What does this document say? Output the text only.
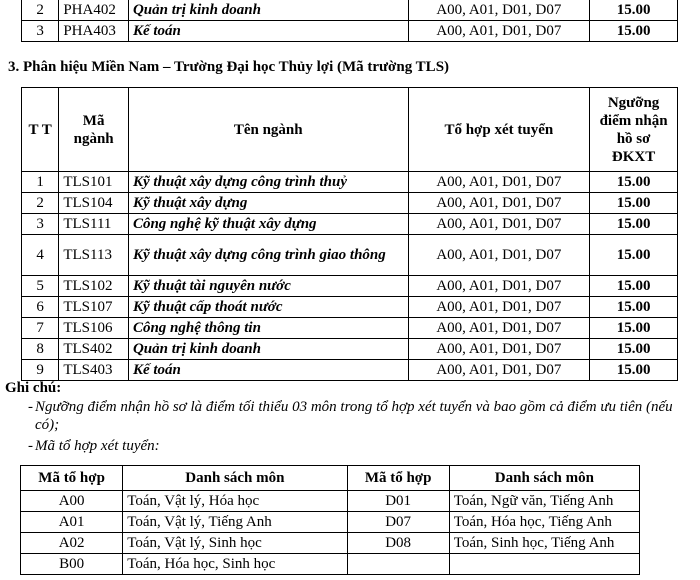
2	PHA402	Quản trị kinh doanh	A00, A01, D01, D07	15.00
3	PHA403	Kế toán	A00, A01, D01, D07	15.00
3. Phân hiệu Miền Nam – Trường Đại học Thủy lợi (Mã trường TLS)
T T	Mã ngành	Tên ngành	Tổ hợp xét tuyển	Ngưỡng điểm nhận hồ sơ ĐKXT
1	TLS101	Kỹ thuật xây dựng công trình thuỷ	A00, A01, D01, D07	15.00
2	TLS104	Kỹ thuật xây dựng	A00, A01, D01, D07	15.00
3	TLS111	Công nghệ kỹ thuật xây dựng	A00, A01, D01, D07	15.00
4	TLS113	Kỹ thuật xây dựng công trình giao thông	A00, A01, D01, D07	15.00
5	TLS102	Kỹ thuật tài nguyên nước	A00, A01, D01, D07	15.00
6	TLS107	Kỹ thuật cấp thoát nước	A00, A01, D01, D07	15.00
7	TLS106	Công nghệ thông tin	A00, A01, D01, D07	15.00
8	TLS402	Quản trị kinh doanh	A00, A01, D01, D07	15.00
9	TLS403	Kế toán	A00, A01, D01, D07	15.00
Ghi chú:
- Ngưỡng điểm nhận hồ sơ là điểm tối thiểu 03 môn trong tổ hợp xét tuyển và bao gồm cả điểm ưu tiên (nếu có);
- Mã tổ hợp xét tuyển:
Mã tổ hợp	Danh sách môn	Mã tổ hợp	Danh sách môn
A00	Toán, Vật lý, Hóa học	D01	Toán, Ngữ văn, Tiếng Anh
A01	Toán, Vật lý, Tiếng Anh	D07	Toán, Hóa học, Tiếng Anh
A02	Toán, Vật lý, Sinh học	D08	Toán, Sinh học, Tiếng Anh
B00	Toán, Hóa học, Sinh học		
